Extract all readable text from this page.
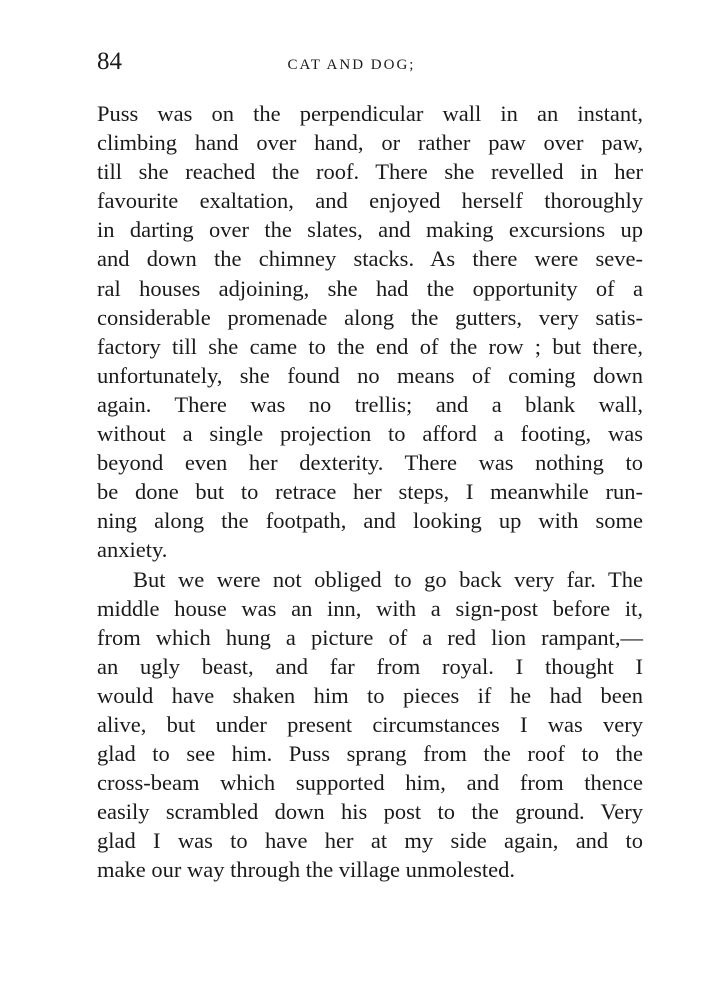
84	CAT AND DOG;
Puss was on the perpendicular wall in an instant,
climbing hand over hand, or rather paw over paw,
till she reached the roof. There she revelled in her
favourite exaltation, and enjoyed herself thoroughly
in darting over the slates, and making excursions up
and down the chimney stacks. As there were seve-
ral houses adjoining, she had the opportunity of a
considerable promenade along the gutters, very satis-
factory till she came to the end of the row ; but there,
unfortunately, she found no means of coming down
again. There was no trellis; and a blank wall,
without a single projection to afford a footing, was
beyond even her dexterity. There was nothing to
be done but to retrace her steps, I meanwhile run-
ning along the footpath, and looking up with some
anxiety.
But we were not obliged to go back very far. The
middle house was an inn, with a sign-post before it,
from which hung a picture of a red lion rampant,—
an ugly beast, and far from royal. I thought I
would have shaken him to pieces if he had been
alive, but under present circumstances I was very
glad to see him. Puss sprang from the roof to the
cross-beam which supported him, and from thence
easily scrambled down his post to the ground. Very
glad I was to have her at my side again, and to
make our way through the village unmolested.
